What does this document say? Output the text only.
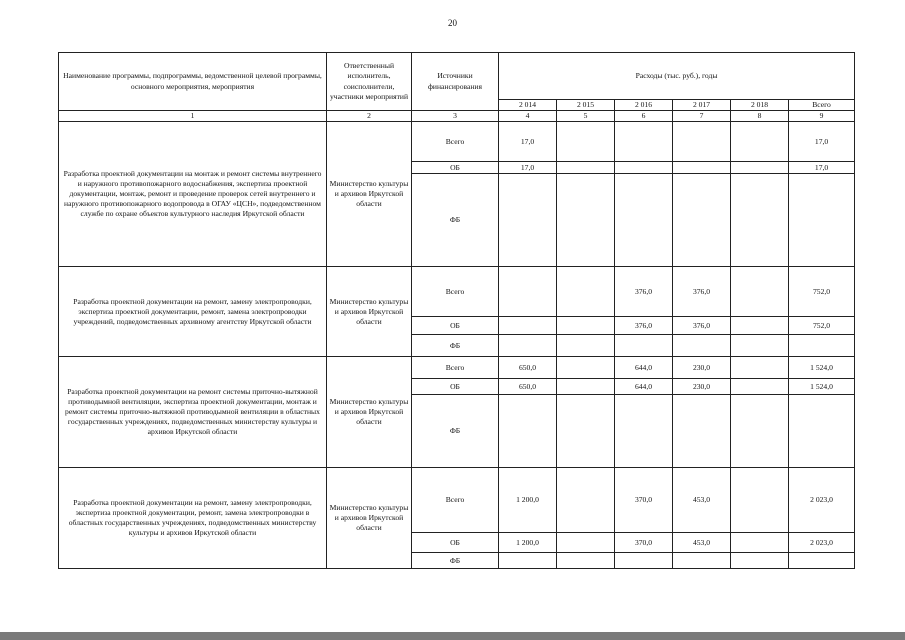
20
Наименование программы, подпрограммы, ведомственной целевой программы, основного мероприятия, мероприятия	Ответственный исполнитель, соисполнители, участники мероприятий	Источники финансирования	Расходы (тыс. руб.), годы					
			2 014	2 015	2 016	2 017	2 018	Всего
1	2	3	4	5	6	7	8	9
Разработка проектной документации на монтаж и ремонт системы внутреннего и наружного противопожарного водоснабжения, экспертиза проектной документации, монтаж, ремонт и проведение проверок сетей внутреннего и наружного противопожарного водопровода в ОГАУ «ЦСН», подведомственном службе по охране объектов культурного наследия Иркутской области	Министерство культуры и архивов Иркутской области	Всего	17,0					17,0
		ОБ	17,0					17,0
		ФБ						
Разработка проектной документации на ремонт, замену электропроводки, экспертиза проектной документации, ремонт, замена электропроводки учреждений, подведомственных архивному агентству Иркутской области	Министерство культуры и архивов Иркутской области	Всего			376,0	376,0		752,0
		ОБ			376,0	376,0		752,0
		ФБ						
Разработка проектной документации на ремонт системы приточно-вытяжной противодымной вентиляции, экспертиза проектной документации, монтаж и ремонт системы приточно-вытяжной противодымной вентиляции в областных государственных учреждениях, подведомственных министерству культуры и архивов Иркутской области	Министерство культуры и архивов Иркутской области	Всего	650,0		644,0	230,0		1 524,0
		ОБ	650,0		644,0	230,0		1 524,0
		ФБ						
Разработка проектной документации на ремонт, замену электропроводки, экспертиза проектной документации, ремонт, замена электропроводки в областных государственных учреждениях, подведомственных министерству культуры и архивов Иркутской области	Министерство культуры и архивов Иркутской области	Всего	1 200,0		370,0	453,0		2 023,0
		ОБ	1 200,0		370,0	453,0		2 023,0
		ФБ						
